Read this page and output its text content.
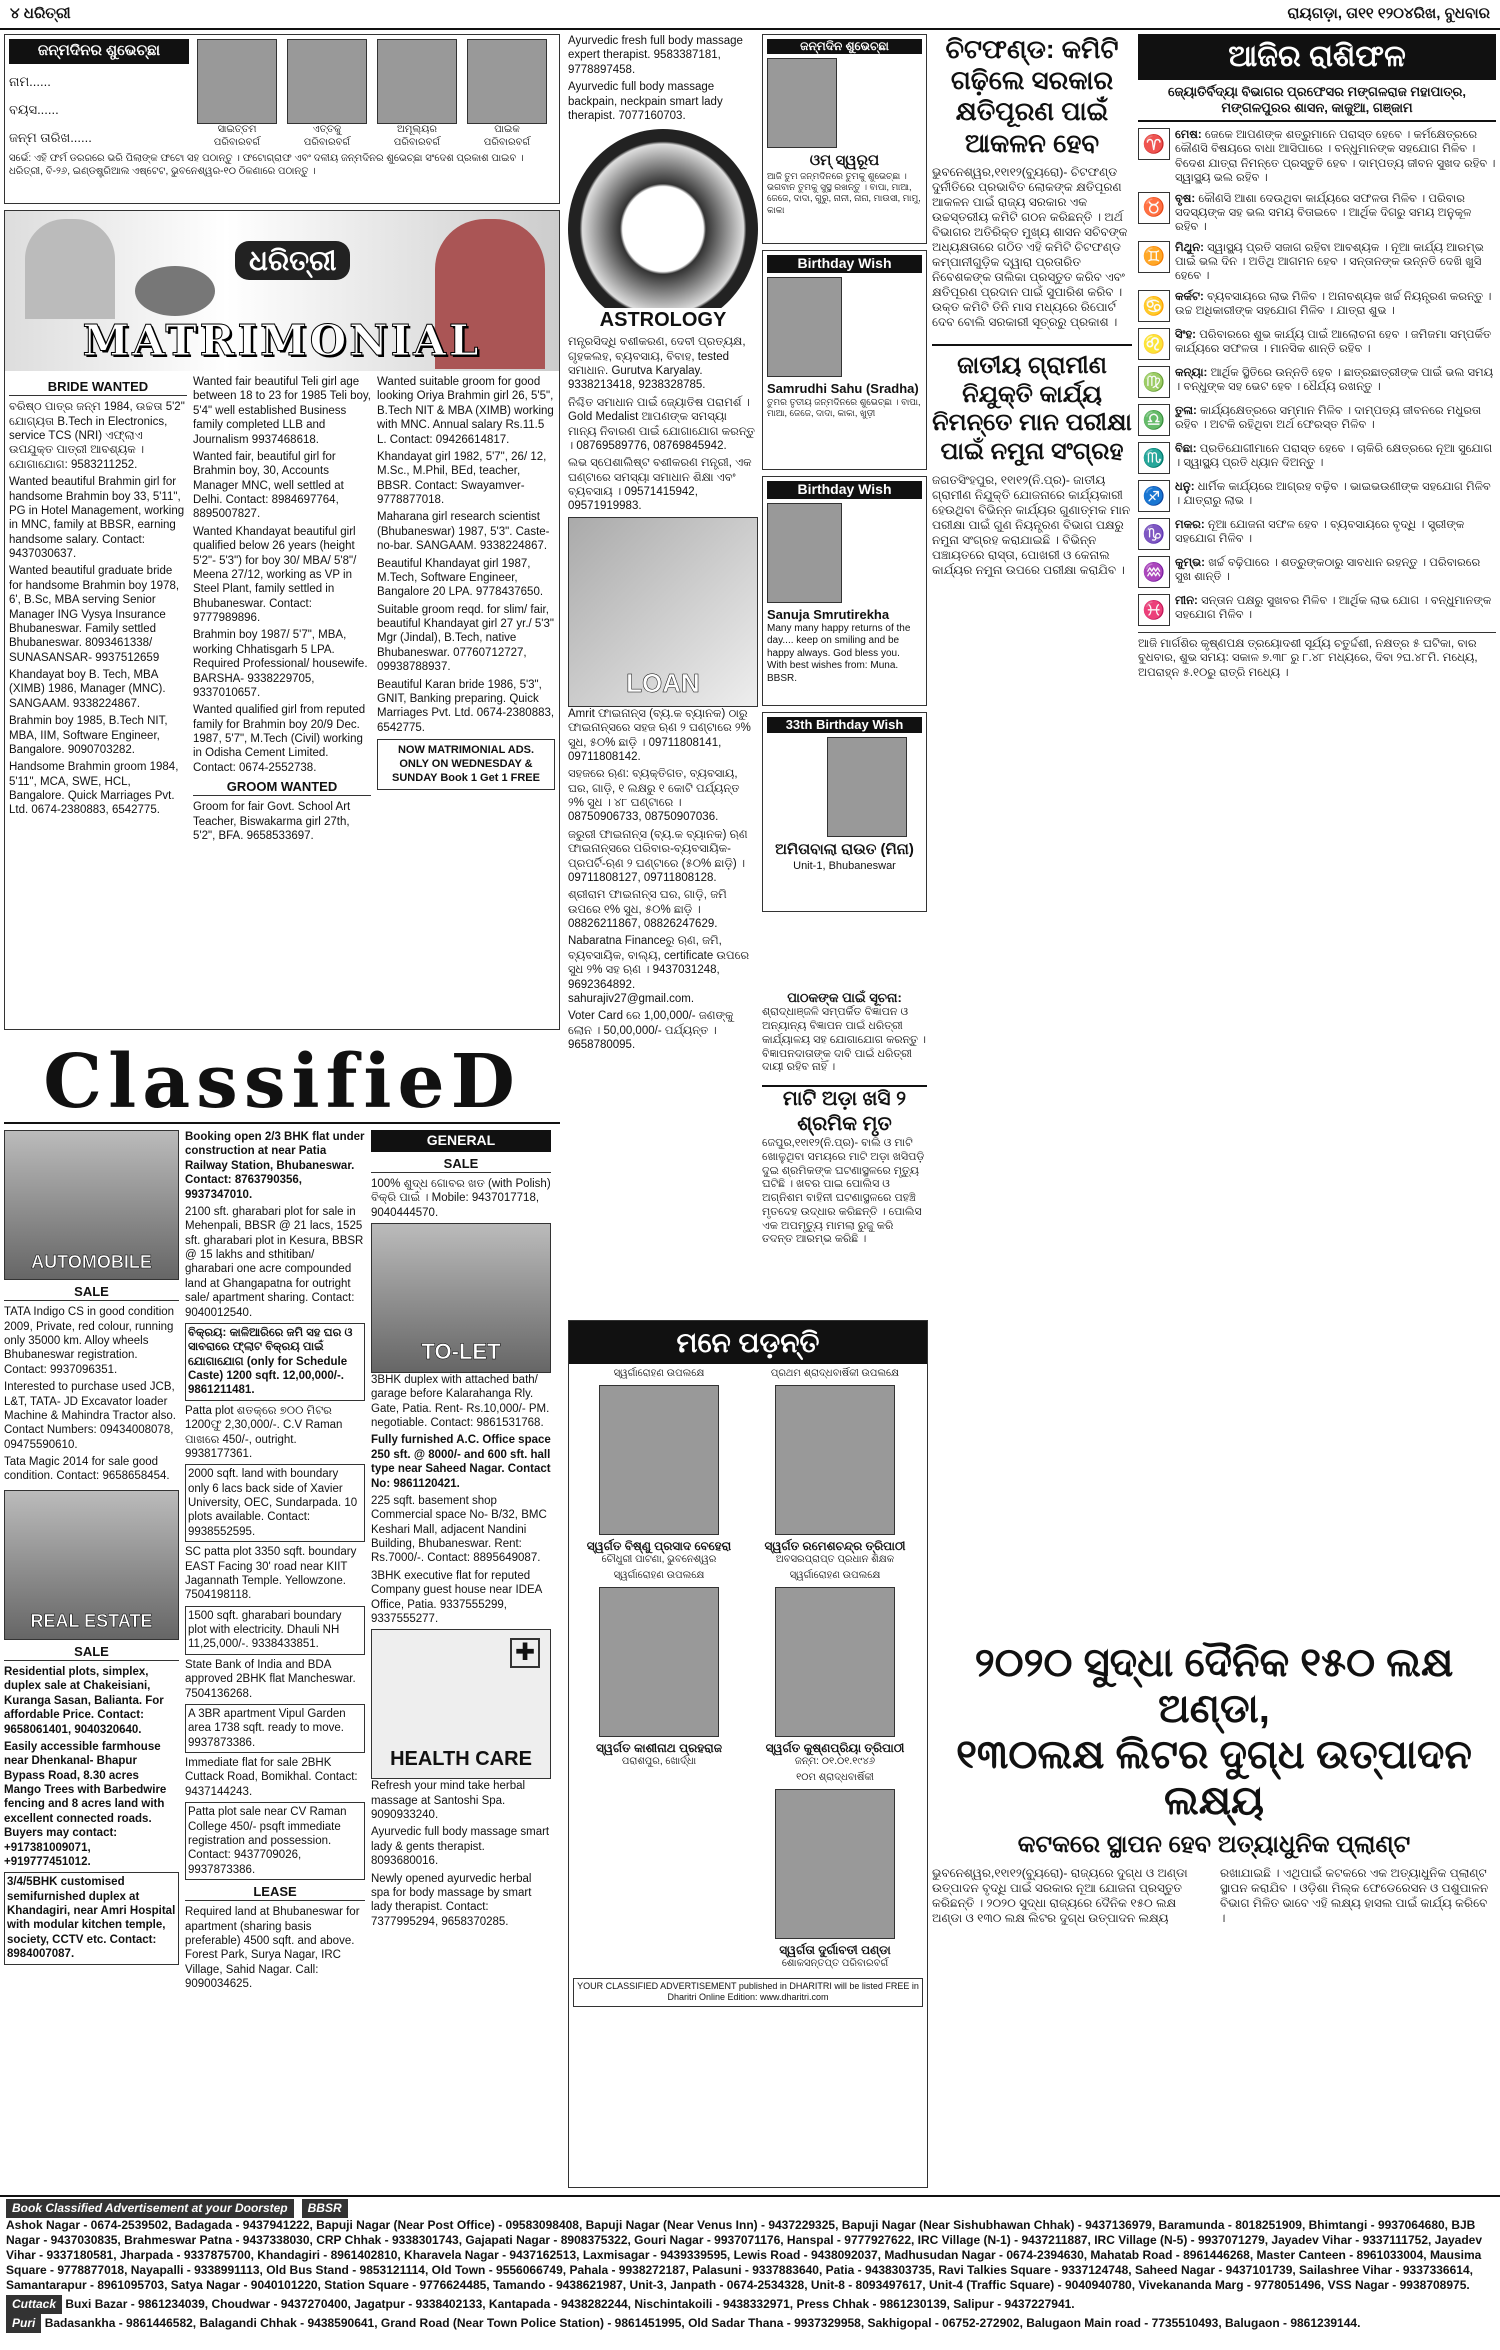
୪ ଧରିତ୍ରୀ	ରାୟଗଡ଼ା, ତା୧୧ ୧୨୦୪ରିଖ, ବୁଧବାର
ଜନ୍ମଦିନର ଶୁଭେଚ୍ଛା
ନାମ......
ବୟସ......
ଜନ୍ମ ତାରିଖ......
ସାଇତ୍ତମ
ପରିବାରବର୍ଗ
ଏତ୍ତକୁ
ପରିବାରବର୍ଗ
ଅମୂଲ୍ୟର
ପରିବାରବର୍ଗ
ପାଇକ
ପରିବାରବର୍ଗ
ସର୍ଭେ: ଏହି ଫର୍ମ ଡରରରେ ଭରି ପିଲାଙ୍କ ଫଟୋ ସହ ପଠାନ୍ତୁ । ଫଟୋଗ୍ରାଫ ଏବଂ ଦଳୀୟ ଜନ୍ମଦିନର ଶୁଭେଚ୍ଛା ସଂଦେଶ ପ୍ରକାଶ ପାଇବ । ଧରିତ୍ରୀ, ବି-୨୬, ଇଣ୍ଡଷ୍ଟ୍ରିଆଲ ଏଷ୍ଟେଟ, ଭୁବନେଶ୍ୱର-୧୦ ଠିକଣାରେ ପଠାନ୍ତୁ ।
ଧରିତ୍ରୀ
MATRIMONIAL
BRIDE WANTED

ବରିଷ୍ଠ ପାତ୍ର ଜନ୍ମ 1984, ଉଚ୍ଚତା 5'2" ଯୋଗ୍ୟତା B.Tech in Electronics, service TCS (NRI) ଏଫ୍ଲାଏ ଉପଯୁକ୍ତ ପାତ୍ରୀ ଆବଶ୍ୟକ । ଯୋଗାଯୋଗ: 9583211252.

Wanted beautiful Brahmin girl for handsome Brahmin boy 33, 5'11", PG in Hotel Management, working in MNC, family at BBSR, earning handsome salary. Contact: 9437030637.

Wanted beautiful graduate bride for handsome Brahmin boy 1978, 6', B.Sc, MBA serving Senior Manager ING Vysya Insurance Bhubaneswar. Family settled Bhubaneswar. 8093461338/ SUNASANSAR- 9937512659

Khandayat boy B. Tech, MBA (XIMB) 1986, Manager (MNC). SANGAAM. 9338224867.

Brahmin boy 1985, B.Tech NIT, MBA, IIM, Software Engineer, Bangalore. 9090703282.

Handsome Brahmin groom 1984, 5'11", MCA, SWE, HCL, Bangalore. Quick Marriages Pvt. Ltd. 0674-2380883, 6542775.

Wanted fair beautiful Teli girl age between 18 to 23 for 1985 Teli boy, 5'4" well established Business family completed LLB and Journalism 9937468618.

Wanted fair, beautiful girl for Brahmin boy, 30, Accounts Manager MNC, well settled at Delhi. Contact: 8984697764, 8895007827.

Wanted Khandayat beautiful girl qualified below 26 years (height 5'2"- 5'3") for boy 30/ MBA/ 5'8"/ Meena 27/12, working as VP in Steel Plant, family settled in Bhubaneswar. Contact: 9777989896.

Brahmin boy 1987/ 5'7", MBA, working Chhatisgarh 5 LPA. Required Professional/ housewife. BARSHA- 9338229705, 9337010657.

Wanted qualified girl from reputed family for Brahmin boy 20/9 Dec. 1987, 5'7", M.Tech (Civil) working in Odisha Cement Limited. Contact: 0674-2552738.

GROOM WANTED

Groom for fair Govt. School Art Teacher, Biswakarma girl 27th, 5'2", BFA. 9658533697.

Wanted suitable groom for good looking Oriya Brahmin girl 26, 5'5", B.Tech NIT & MBA (XIMB) working with MNC. Annual salary Rs.11.5 L. Contact: 09426614817.

Khandayat girl 1982, 5'7", 26/ 12, M.Sc., M.Phil, BEd, teacher, BBSR. Contact: Swayamver- 9778877018.

Maharana girl research scientist (Bhubaneswar) 1987, 5'3". Caste-no-bar. SANGAAM. 9338224867.

Beautiful Khandayat girl 1987, M.Tech, Software Engineer, Bangalore 20 LPA. 9778437650.

Suitable groom reqd. for slim/ fair, beautiful Khandayat girl 27 yr./ 5'3" Mgr (Jindal), B.Tech, native Bhubaneswar. 07760712727, 09938788937.

Beautiful Karan bride 1986, 5'3", GNIT, Banking preparing. Quick Marriages Pvt. Ltd. 0674-2380883, 6542775.

NOW MATRIMONIAL ADS. ONLY ON WEDNESDAY & SUNDAY Book 1 Get 1 FREE
ClassifieD
AUTOMOBILE
SALE

TATA Indigo CS in good condition 2009, Private, red colour, running only 35000 km. Alloy wheels Bhubaneswar registration. Contact: 9937096351.

Interested to purchase used JCB, L&T, TATA- JD Excavator loader Machine & Mahindra Tractor also. Contact Numbers: 09434008078, 09475590610.

Tata Magic 2014 for sale good condition. Contact: 9658658454.

REAL ESTATE
SALE

Residential plots, simplex, duplex sale at Chakeisiani, Kuranga Sasan, Balianta. For affordable Price. Contact: 9658061401, 9040320640.

Easily accessible farmhouse near Dhenkanal- Bhapur Bypass Road, 8.30 acres Mango Trees with Barbedwire fencing and 8 acres land with excellent connected roads. Buyers may contact: +917381009071, +919777451012.

3/4/5BHK customised semifurnished duplex at Khandagiri, near Amri Hospital with modular kitchen temple, society, CCTV etc. Contact: 8984007087.

Booking open 2/3 BHK flat under construction at near Patia Railway Station, Bhubaneswar. Contact: 8763790356, 9937347010.

2100 sft. gharabari plot for sale in Mehenpali, BBSR @ 21 lacs, 1525 sft. gharabari plot in Kesura, BBSR @ 15 lakhs and sthitiban/ gharabari one acre compounded land at Ghangapatna for outright sale/ apartment sharing. Contact: 9040012540.

ବିକ୍ରୟ: କାଳିଆରିରେ ଜମି ସହ ଘର ଓ ସାବରାରେ ଫ୍ଲାଟ ବିକ୍ରୟ ପାଇଁ ଯୋଗାଯୋଗ (only for Schedule Caste) 1200 sqft. 12,00,000/-. 9861211481.

Patta plot ଶତକ୍ରେ ୭୦୦ ମିଟର 1200ଫୁ 2,30,000/-. C.V Raman ପାଖରେ 450/-, outright. 9938177361.

2000 sqft. land with boundary only 6 lacs back side of Xavier University, OEC, Sundarpada. 10 plots available. Contact: 9938552595.

SC patta plot 3350 sqft. boundary EAST Facing 30' road near KIIT Jagannath Temple. Yellowzone. 7504198118.

1500 sqft. gharabari boundary plot with electricity. Dhauli NH 11,25,000/-. 9338433851.

State Bank of India and BDA approved 2BHK flat Mancheswar. 7504136268.

A 3BR apartment Vipul Garden area 1738 sqft. ready to move. 9937873386.

Immediate flat for sale 2BHK Cuttack Road, Bomikhal. Contact: 9437144243.

Patta plot sale near CV Raman College 450/- psqft immediate registration and possession. Contact: 9437709026, 9937873386.

LEASE

Required land at Bhubaneswar for apartment (sharing basis preferable) 4500 sqft. and above. Forest Park, Surya Nagar, IRC Village, Sahid Nagar. Call: 9090034625.

GENERAL
SALE

100% ଶୁଦ୍ଧ ଗୋବର ଖତ (with Polish) ବିକ୍ରି ପାଇଁ । Mobile: 9437017718, 9040444570.

TO-LET

3BHK duplex with attached bath/ garage before Kalarahanga Rly. Gate, Patia. Rent- Rs.10,000/- PM. negotiable. Contact: 9861531768.

Fully furnished A.C. Office space 250 sft. @ 8000/- and 600 sft. hall type near Saheed Nagar. Contact No: 9861120421.

225 sqft. basement shop Commercial space No- B/32, BMC Keshari Mall, adjacent Nandini Building, Bhubaneswar. Rent: Rs.7000/-. Contact: 8895649087.

3BHK executive flat for reputed Company guest house near IDEA Office, Patia. 9337555299, 9337555277.

✚
HEALTH CARE

Refresh your mind take herbal massage at Santoshi Spa. 9090933240.

Ayurvedic full body massage smart lady & gents therapist. 8093680016.

Newly opened ayurvedic herbal spa for body massage by smart lady therapist. Contact: 7377995294, 9658370285.

Ayurvedic fresh full body massage expert therapist. 9583387181, 9778897458.

Ayurvedic full body massage backpain, neckpain smart lady therapist. 7077160703.

ASTROLOGY

ମନ୍ତ୍ରସିଦ୍ଧି ବଶୀକରଣ, ଦେବୀ ପ୍ରତ୍ୟକ୍ଷ, ଗୃହକଲହ, ବ୍ୟବସାୟ, ବିବାହ, tested ସମାଧାନ. Gurutva Karyalay. 9338213418, 9238328785.

ନିଶ୍ଚିତ ସମାଧାନ ପାଇଁ ଜ୍ୟୋତିଷ ପରାମର୍ଶ । Gold Medalist ଆପଣଙ୍କ ସମସ୍ୟା ମାନ୍ୟ ନିବାରଣ ପାଇଁ ଯୋଗାଯୋଗ କରନ୍ତୁ । 08769589776, 08769845942.

ଲଭ ସ୍ପେଶାଲିଷ୍ଟ ବଶୀକରଣ ମନ୍ତ୍ରୀ, ଏକ ଘଣ୍ଟାରେ ସମସ୍ୟା ସମାଧାନ ଶିକ୍ଷା ଏବଂ ବ୍ୟବସାୟ । 09571415942, 09571919983.

LOAN

Amrit ଫାଇନାନ୍ସ (ବ୍ୟ.କ ବ୍ୟାନକ) ଠାରୁ ଫାଇନାନ୍ସରେ ସହଜ ଋଣ ୨ ଘଣ୍ଟାରେ ୨% ସୁଧ, ୫୦% ଛାଡ଼ି । 09711808141, 09711808142.

ସହଜରେ ଋଣ: ବ୍ୟକ୍ତିଗତ, ବ୍ୟବସାୟ, ଘର, ଗାଡ଼ି, ୧ ଲକ୍ଷରୁ ୧ କୋଟି ପର୍ଯ୍ୟନ୍ତ ୨% ସୁଧ । ୪୮ ଘଣ୍ଟାରେ । 08750906733, 08750907036.

ଜରୁରୀ ଫାଇନାନ୍ସ (ବ୍ୟ.କ ବ୍ୟାନକ) ଋଣ ଫାଇନାନ୍ସରେ ପରିବାର-ବ୍ୟବସାୟିକ-ପ୍ରପର୍ଟି-ଋଣ ୨ ଘଣ୍ଟାରେ (୫୦% ଛାଡ଼ି) । 09711808127, 09711808128.

ଶ୍ରୀରାମ ଫାଇନାନ୍ସ ଘର, ଗାଡ଼ି, ଜମି ଉପରେ ୧% ସୁଧ, ୫୦% ଛାଡ଼ି । 08826211867, 08826247629.

Nabaratna Financeରୁ ଋଣ, ଜମି, ବ୍ୟବସାୟିକ, ବାଲ୍ୟ, certificate ଉପରେ ସୁଧ ୨% ସହ ଋଣ । 9437031248, 9692364892. sahurajiv27@gmail.com.

Voter Card ରେ 1,00,000/- ଜଣଙ୍କୁ ଲୋନ । 50,00,000/- ପର୍ଯ୍ୟନ୍ତ । 9658780095.

ଜନ୍ମଦିନ ଶୁଭେଚ୍ଛା
ଓମ୍ ସ୍ୱରୂପ
ଆଜି ତୁମ ଜନ୍ମଦିନରେ ତୁମକୁ ଶୁଭେଚ୍ଛା । ଭଗବାନ ତୁମକୁ ସୁସ୍ଥ ରଖନ୍ତୁ । ବାପା, ମାଆ, ଜେଜେ, ଦାଦା, ଗୁରୁ, ନାନୀ, ନାନା, ମାଉସୀ, ମାମୁ, କାକା
Birthday Wish
Samrudhi Sahu (Sradha)
ତୁମର ତୃତୀୟ ଜନ୍ମଦିନରେ ଶୁଭେଚ୍ଛା । ବାପା, ମାଆ, ଜେଜେ, ଦାଦା, କାକା, ଖୁଡ଼ୀ
Birthday Wish
Sanuja Smrutirekha
Many many happy returns of the day.... keep on smiling and be happy always. God bless you. With best wishes from: Muna. BBSR.
33th Birthday Wish
ଅମିତାବାଲା ରାଉତ (ମିନା)
Unit-1, Bhubaneswar
ପାଠକଙ୍କ ପାଇଁ ସୂଚନା:
ଶ୍ରାଦ୍ଧାଞ୍ଜଳି ସମ୍ପର୍କିତ ବିଜ୍ଞାପନ ଓ ଅନ୍ୟାନ୍ୟ ବିଜ୍ଞାପନ ପାଇଁ ଧରିତ୍ରୀ କାର୍ଯ୍ୟାଳୟ ସହ ଯୋଗାଯୋଗ କରନ୍ତୁ । ବିଜ୍ଞାପନଦାତାଙ୍କ ଦାବି ପାଇଁ ଧରିତ୍ରୀ ଦାୟୀ ରହିବ ନାହିଁ ।
ମାଟି ଅଡ଼ା ଖସି ୨ ଶ୍ରମିକ ମୃତ
ଜେପୁର,୧୧ା୧୨(ନି.ପ୍ର)- ବାଲି ଓ ମାଟି ଖୋଳୁଥିବା ସମୟରେ ମାଟି ଅଡ଼ା ଖସିପଡ଼ି ଦୁଇ ଶ୍ରମିକଙ୍କ ଘଟଣାସ୍ଥଳରେ ମୃତ୍ୟୁ ଘଟିଛି । ଖବର ପାଇ ପୋଲିସ ଓ ଅଗ୍ନିଶମ ବାହିନୀ ଘଟଣାସ୍ଥଳରେ ପହଞ୍ଚି ମୃତଦେହ ଉଦ୍ଧାର କରିଛନ୍ତି । ପୋଲିସ ଏକ ଅପମୃତ୍ୟୁ ମାମଲା ରୁଜୁ କରି ତଦନ୍ତ ଆରମ୍ଭ କରିଛି ।
ମନେ ପଡ଼ନ୍ତି
ସ୍ୱର୍ଗାରୋହଣ ଉପଲକ୍ଷେ
ସ୍ୱର୍ଗତ ବିଷ୍ଣୁ ପ୍ରସାଦ ବେହେରା
ଚୌଧୁରୀ ପାଟଣା, ଭୁବନେଶ୍ୱର
ପ୍ରଥମ ଶ୍ରାଦ୍ଧବାର୍ଷିକୀ ଉପଲକ୍ଷେ
ସ୍ୱର୍ଗତ ରମେଶଚନ୍ଦ୍ର ତ୍ରିପାଠୀ
ଅବସରପ୍ରାପ୍ତ ପ୍ରଧାନ ଶିକ୍ଷକ
ସ୍ୱର୍ଗାରୋହଣ ଉପଲକ୍ଷେ
ସ୍ୱର୍ଗତ କାଶୀନାଥ ପ୍ରହରାଜ
ପରାଶପୁର, ଖୋର୍ଦ୍ଧା
ସ୍ୱର୍ଗାରୋହଣ ଉପଲକ୍ଷେ
ସ୍ୱର୍ଗତ କୁଷ୍ଣପ୍ରିୟା ତ୍ରିପାଠୀ
ଜନ୍ମ: ୦୧.୦୧.୧୯୪୬
୧୦ମ ଶ୍ରାଦ୍ଧବାର୍ଷିକୀ
ସ୍ୱର୍ଗତା ଦୁର୍ଗାବତୀ ପଣ୍ଡା
ଶୋକସନ୍ତପ୍ତ ପରିବାରବର୍ଗ
YOUR CLASSIFIED ADVERTISEMENT published in DHARITRI will be listed FREE in Dharitri Online Edition: www.dharitri.com
ଚିଟଫଣ୍ଡ: କମିଟି ଗଢ଼ିଲେ ସରକାର କ୍ଷତିପୂରଣ ପାଇଁ ଆକଳନ ହେବ
ଭୁବନେଶ୍ୱର,୧୧ା୧୨(ବ୍ୟୁରୋ)- ଚିଟଫଣ୍ଡ ଦୁର୍ନୀତିରେ ପ୍ରଭାବିତ ଲୋକଙ୍କ କ୍ଷତିପୂରଣ ଆକଳନ ପାଇଁ ରାଜ୍ୟ ସରକାର ଏକ ଉଚ୍ଚସ୍ତରୀୟ କମିଟି ଗଠନ କରିଛନ୍ତି । ଅର୍ଥ ବିଭାଗର ଅତିରିକ୍ତ ମୁଖ୍ୟ ଶାସନ ସଚିବଙ୍କ ଅଧ୍ୟକ୍ଷତାରେ ଗଠିତ ଏହି କମିଟି ଚିଟଫଣ୍ଡ କମ୍ପାନୀଗୁଡ଼ିକ ଦ୍ୱାରା ପ୍ରତାରିତ ନିବେଶକଙ୍କ ତାଲିକା ପ୍ରସ୍ତୁତ କରିବ ଏବଂ କ୍ଷତିପୂରଣ ପ୍ରଦାନ ପାଇଁ ସୁପାରିଶ କରିବ । ଉକ୍ତ କମିଟି ତିନି ମାସ ମଧ୍ୟରେ ରିପୋର୍ଟ ଦେବ ବୋଲି ସରକାରୀ ସୂତ୍ରରୁ ପ୍ରକାଶ ।
ଜାତୀୟ ଗ୍ରାମୀଣ ନିଯୁକ୍ତି କାର୍ଯ୍ୟ ନିମନ୍ତେ ମାନ ପରୀକ୍ଷା ପାଇଁ ନମୁନା ସଂଗ୍ରହ
ଜଗତସିଂହପୁର, ୧୧ା୧୨(ନି.ପ୍ର)- ଜାତୀୟ ଗ୍ରାମୀଣ ନିଯୁକ୍ତି ଯୋଜନାରେ କାର୍ଯ୍ୟକାରୀ ହେଉଥିବା ବିଭିନ୍ନ କାର୍ଯ୍ୟର ଗୁଣାତ୍ମକ ମାନ ପରୀକ୍ଷା ପାଇଁ ଗୁଣ ନିୟନ୍ତ୍ରଣ ବିଭାଗ ପକ୍ଷରୁ ନମୁନା ସଂଗ୍ରହ କରାଯାଇଛି । ବିଭିନ୍ନ ପଞ୍ଚାୟତରେ ରାସ୍ତା, ପୋଖରୀ ଓ କେନାଲ କାର୍ଯ୍ୟର ନମୁନା ଉପରେ ପରୀକ୍ଷା କରାଯିବ ।
ଆଜିର ରାଶିଫଳ
ଜ୍ୟୋତିର୍ବିଦ୍ୟା ବିଭାଗର ପ୍ରଫେସର ମଙ୍ଗଳରାଜ ମହାପାତ୍ର, ମଙ୍ଗଳପୁରର ଶାସନ, କାଜୁଆ, ଗଞ୍ଜାମ
♈ ମେଷ: ଜେକେ ଆପଣଙ୍କ ଶତ୍ରୁମାନେ ପରାସ୍ତ ହେବେ । କର୍ମକ୍ଷେତ୍ରରେ କୌଣସି ବିଷୟରେ ବାଧା ଆସିପାରେ । ବନ୍ଧୁମାନଙ୍କ ସହଯୋଗ ମିଳିବ । ବିଦେଶ ଯାତ୍ରା ନିମନ୍ତେ ପ୍ରସ୍ତୁତି ହେବ । ଦାମ୍ପତ୍ୟ ଜୀବନ ସୁଖଦ ରହିବ । ସ୍ୱାସ୍ଥ୍ୟ ଭଲ ରହିବ ।
♉ ବୃଷ: କୌଣସି ଆଶା ଦେଉଥିବା କାର୍ଯ୍ୟରେ ସଫଳତା ମିଳିବ । ପରିବାର ସଦସ୍ୟଙ୍କ ସହ ଭଲ ସମୟ ବିତାଇବେ । ଆର୍ଥିକ ଦିଗରୁ ସମୟ ଅନୁକୂଳ ରହିବ ।
♊ ମିଥୁନ: ସ୍ୱାସ୍ଥ୍ୟ ପ୍ରତି ସଜାଗ ରହିବା ଆବଶ୍ୟକ । ନୂଆ କାର୍ଯ୍ୟ ଆରମ୍ଭ ପାଇଁ ଭଲ ଦିନ । ଅତିଥି ଆଗମନ ହେବ । ସନ୍ତାନଙ୍କ ଉନ୍ନତି ଦେଖି ଖୁସି ହେବେ ।
♋ କର୍କଟ: ବ୍ୟବସାୟରେ ଲାଭ ମିଳିବ । ଅନାବଶ୍ୟକ ଖର୍ଚ୍ଚ ନିୟନ୍ତ୍ରଣ କରନ୍ତୁ । ଉଚ୍ଚ ଅଧିକାରୀଙ୍କ ସହଯୋଗ ମିଳିବ । ଯାତ୍ରା ଶୁଭ ।
♌ ସିଂହ: ପରିବାରରେ ଶୁଭ କାର୍ଯ୍ୟ ପାଇଁ ଆଲୋଚନା ହେବ । ଜମିଜମା ସମ୍ପର୍କିତ କାର୍ଯ୍ୟରେ ସଫଳତା । ମାନସିକ ଶାନ୍ତି ରହିବ ।
♍ କନ୍ୟା: ଆର୍ଥିକ ସ୍ଥିତିରେ ଉନ୍ନତି ହେବ । ଛାତ୍ରଛାତ୍ରୀଙ୍କ ପାଇଁ ଭଲ ସମୟ । ବନ୍ଧୁଙ୍କ ସହ ଭେଟ ହେବ । ଧୈର୍ଯ୍ୟ ରଖନ୍ତୁ ।
♎ ତୁଳା: କାର୍ଯ୍ୟକ୍ଷେତ୍ରରେ ସମ୍ମାନ ମିଳିବ । ଦାମ୍ପତ୍ୟ ଜୀବନରେ ମଧୁରତା ରହିବ । ଅଟକି ରହିଥିବା ଅର୍ଥ ଫେରସ୍ତ ମିଳିବ ।
♏ ବିଛା: ପ୍ରତିଯୋଗୀମାନେ ପରାସ୍ତ ହେବେ । ଚାକିରି କ୍ଷେତ୍ରରେ ନୂଆ ସୁଯୋଗ । ସ୍ୱାସ୍ଥ୍ୟ ପ୍ରତି ଧ୍ୟାନ ଦିଅନ୍ତୁ ।
♐ ଧନୁ: ଧାର୍ମିକ କାର୍ଯ୍ୟରେ ଆଗ୍ରହ ବଢ଼ିବ । ଭାଇଭଉଣୀଙ୍କ ସହଯୋଗ ମିଳିବ । ଯାତ୍ରାରୁ ଲାଭ ।
♑ ମକର: ନୂଆ ଯୋଜନା ସଫଳ ହେବ । ବ୍ୟବସାୟରେ ବୃଦ୍ଧି । ସ୍ତ୍ରୀଙ୍କ ସହଯୋଗ ମିଳିବ ।
♒ କୁମ୍ଭ: ଖର୍ଚ୍ଚ ବଢ଼ିପାରେ । ଶତ୍ରୁଙ୍କଠାରୁ ସାବଧାନ ରହନ୍ତୁ । ପରିବାରରେ ସୁଖ ଶାନ୍ତି ।
♓ ମୀନ: ସନ୍ତାନ ପକ୍ଷରୁ ସୁଖବର ମିଳିବ । ଆର୍ଥିକ ଲାଭ ଯୋଗ । ବନ୍ଧୁମାନଙ୍କ ସହଯୋଗ ମିଳିବ ।
ଆଜି ମାର୍ଗଶିର କୃଷ୍ଣପକ୍ଷ ତ୍ରୟୋଦଶୀ ସୂର୍ଯ୍ୟ ଚତୁର୍ଦ୍ଦଶୀ, ନକ୍ଷତ୍ର ୫ ଘଟିକା, ବାର ବୁଧବାର, ଶୁଭ ସମୟ: ସକାଳ ୭.୩୮ ରୁ ୮.୪୮ ମଧ୍ୟରେ, ଦିବା ୨ଘ.୪୮ମି. ମଧ୍ୟେ, ଅପରାହ୍ନ ୫.୧୦ରୁ ରାତ୍ରି ମଧ୍ୟେ ।
୨୦୨୦ ସୁଦ୍ଧା ଦୈନିକ ୧୫୦ ଲକ୍ଷ ଅଣ୍ଡା,
୧୩୦ଲକ୍ଷ ଲିଟର ଦୁଗ୍ଧ ଉତ୍ପାଦନ ଲକ୍ଷ୍ୟ
କଟକରେ ସ୍ଥାପନ ହେବ ଅତ୍ୟାଧୁନିକ ପ୍ଲାଣ୍ଟ
ଭୁବନେଶ୍ୱର,୧୧ା୧୨(ବ୍ୟୁରୋ)- ରାଜ୍ୟରେ ଦୁଗ୍ଧ ଓ ଅଣ୍ଡା ଉତ୍ପାଦନ ବୃଦ୍ଧି ପାଇଁ ସରକାର ନୂଆ ଯୋଜନା ପ୍ରସ୍ତୁତ କରିଛନ୍ତି । ୨୦୨୦ ସୁଦ୍ଧା ରାଜ୍ୟରେ ଦୈନିକ ୧୫୦ ଲକ୍ଷ ଅଣ୍ଡା ଓ ୧୩୦ ଲକ୍ଷ ଲିଟର ଦୁଗ୍ଧ ଉତ୍ପାଦନ ଲକ୍ଷ୍ୟ ରଖାଯାଇଛି । ଏଥିପାଇଁ କଟକରେ ଏକ ଅତ୍ୟାଧୁନିକ ପ୍ଲାଣ୍ଟ ସ୍ଥାପନ କରାଯିବ । ଓଡ଼ିଶା ମିଲ୍କ ଫେଡେରେସନ ଓ ପଶୁପାଳନ ବିଭାଗ ମିଳିତ ଭାବେ ଏହି ଲକ୍ଷ୍ୟ ହାସଲ ପାଇଁ କାର୍ଯ୍ୟ କରିବେ ।
Book Classified Advertisement at your Doorstep	BBSR
Ashok Nagar - 0674-2539502, Badagada - 9437941222, Bapuji Nagar (Near Post Office) - 09583098408, Bapuji Nagar (Near Venus Inn) - 9437229325, Bapuji Nagar (Near Sishubhawan Chhak) - 9437136979, Baramunda - 8018251909, Bhimtangi - 9937064680, BJB Nagar - 9437030835, Brahmeswar Patna - 9437338030, CRP Chhak - 9338301743, Gajapati Nagar - 8908375322, Gouri Nagar - 9937071176, Hanspal - 9777927622, IRC Village (N-1) - 9437211887, IRC Village (N-5) - 9937071279, Jayadev Vihar - 9337111752, Jayadev Vihar - 9337180581, Jharpada - 9337875700, Khandagiri - 8961402810, Kharavela Nagar - 9437162513, Laxmisagar - 9439339595, Lewis Road - 9438092037, Madhusudan Nagar - 0674-2394630, Mahatab Road - 8961446268, Master Canteen - 8961033004, Mausima Square - 9778877018, Nayapalli - 9338991113, Old Bus Stand - 9853121114, Old Town - 9556066749, Pahala - 9938272187, Palasuni - 9337883640, Patia - 9438303735, Ravi Talkies Square - 9337124748, Saheed Nagar - 9437101739, Sailashree Vihar - 9337336614, Samantarapur - 8961095703, Satya Nagar - 9040101220, Station Square - 9776624485, Tamando - 9438621987, Unit-3, Janpath - 0674-2534328, Unit-8 - 8093497617, Unit-4 (Traffic Square) - 9040940780, Vivekananda Marg - 9778051496, VSS Nagar - 9938708975.
Cuttack Buxi Bazar - 9861234039, Choudwar - 9437270400, Jagatpur - 9338402133, Kantapada - 9438282244, Nischintakoili - 9438332971, Press Chhak - 9861230139, Salipur - 9437227941.
Puri Badasankha - 9861446582, Balagandi Chhak - 9438590641, Grand Road (Near Town Police Station) - 9861451995, Old Sadar Thana - 9937329958, Sakhigopal - 06752-272902, Balugaon Main road - 7735510493, Balugaon - 9861239144.
